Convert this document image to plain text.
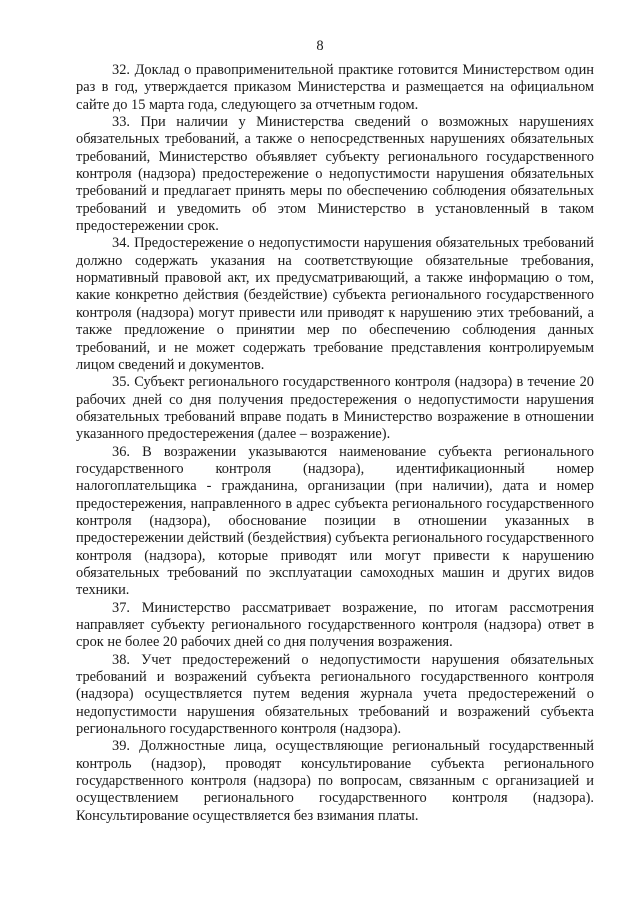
8

32. Доклад о правоприменительной практике готовится Министерством один раз в год, утверждается приказом Министерства и размещается на официальном сайте до 15 марта года, следующего за отчетным годом.

33. При наличии у Министерства сведений о возможных нарушениях обязательных требований, а также о непосредственных нарушениях обязательных требований, Министерство объявляет субъекту регионального государственного контроля (надзора) предостережение о недопустимости нарушения обязательных требований и предлагает принять меры по обеспечению соблюдения обязательных требований и уведомить об этом Министерство в установленный в таком предостережении срок.

34. Предостережение о недопустимости нарушения обязательных требований должно содержать указания на соответствующие обязательные требования, нормативный правовой акт, их предусматривающий, а также информацию о том, какие конкретно действия (бездействие) субъекта регионального государственного контроля (надзора) могут привести или приводят к нарушению этих требований, а также предложение о принятии мер по обеспечению соблюдения данных требований, и не может содержать требование представления контролируемым лицом сведений и документов.

35. Субъект регионального государственного контроля (надзора) в течение 20 рабочих дней со дня получения предостережения о недопустимости нарушения обязательных требований вправе подать в Министерство возражение в отношении указанного предостережения (далее – возражение).

36. В возражении указываются наименование субъекта регионального государственного контроля (надзора), идентификационный номер налогоплательщика - гражданина, организации (при наличии), дата и номер предостережения, направленного в адрес субъекта регионального государственного контроля (надзора), обоснование позиции в отношении указанных в предостережении действий (бездействия) субъекта регионального государственного контроля (надзора), которые приводят или могут привести к нарушению обязательных требований по эксплуатации самоходных машин и других видов техники.

37. Министерство рассматривает возражение, по итогам рассмотрения направляет субъекту регионального государственного контроля (надзора) ответ в срок не более 20 рабочих дней со дня получения возражения.

38. Учет предостережений о недопустимости нарушения обязательных требований и возражений субъекта регионального государственного контроля (надзора) осуществляется путем ведения журнала учета предостережений о недопустимости нарушения обязательных требований и возражений субъекта регионального государственного контроля (надзора).

39. Должностные лица, осуществляющие региональный государственный контроль (надзор), проводят консультирование субъекта регионального государственного контроля (надзора) по вопросам, связанным с организацией и осуществлением регионального государственного контроля (надзора). Консультирование осуществляется без взимания платы.
